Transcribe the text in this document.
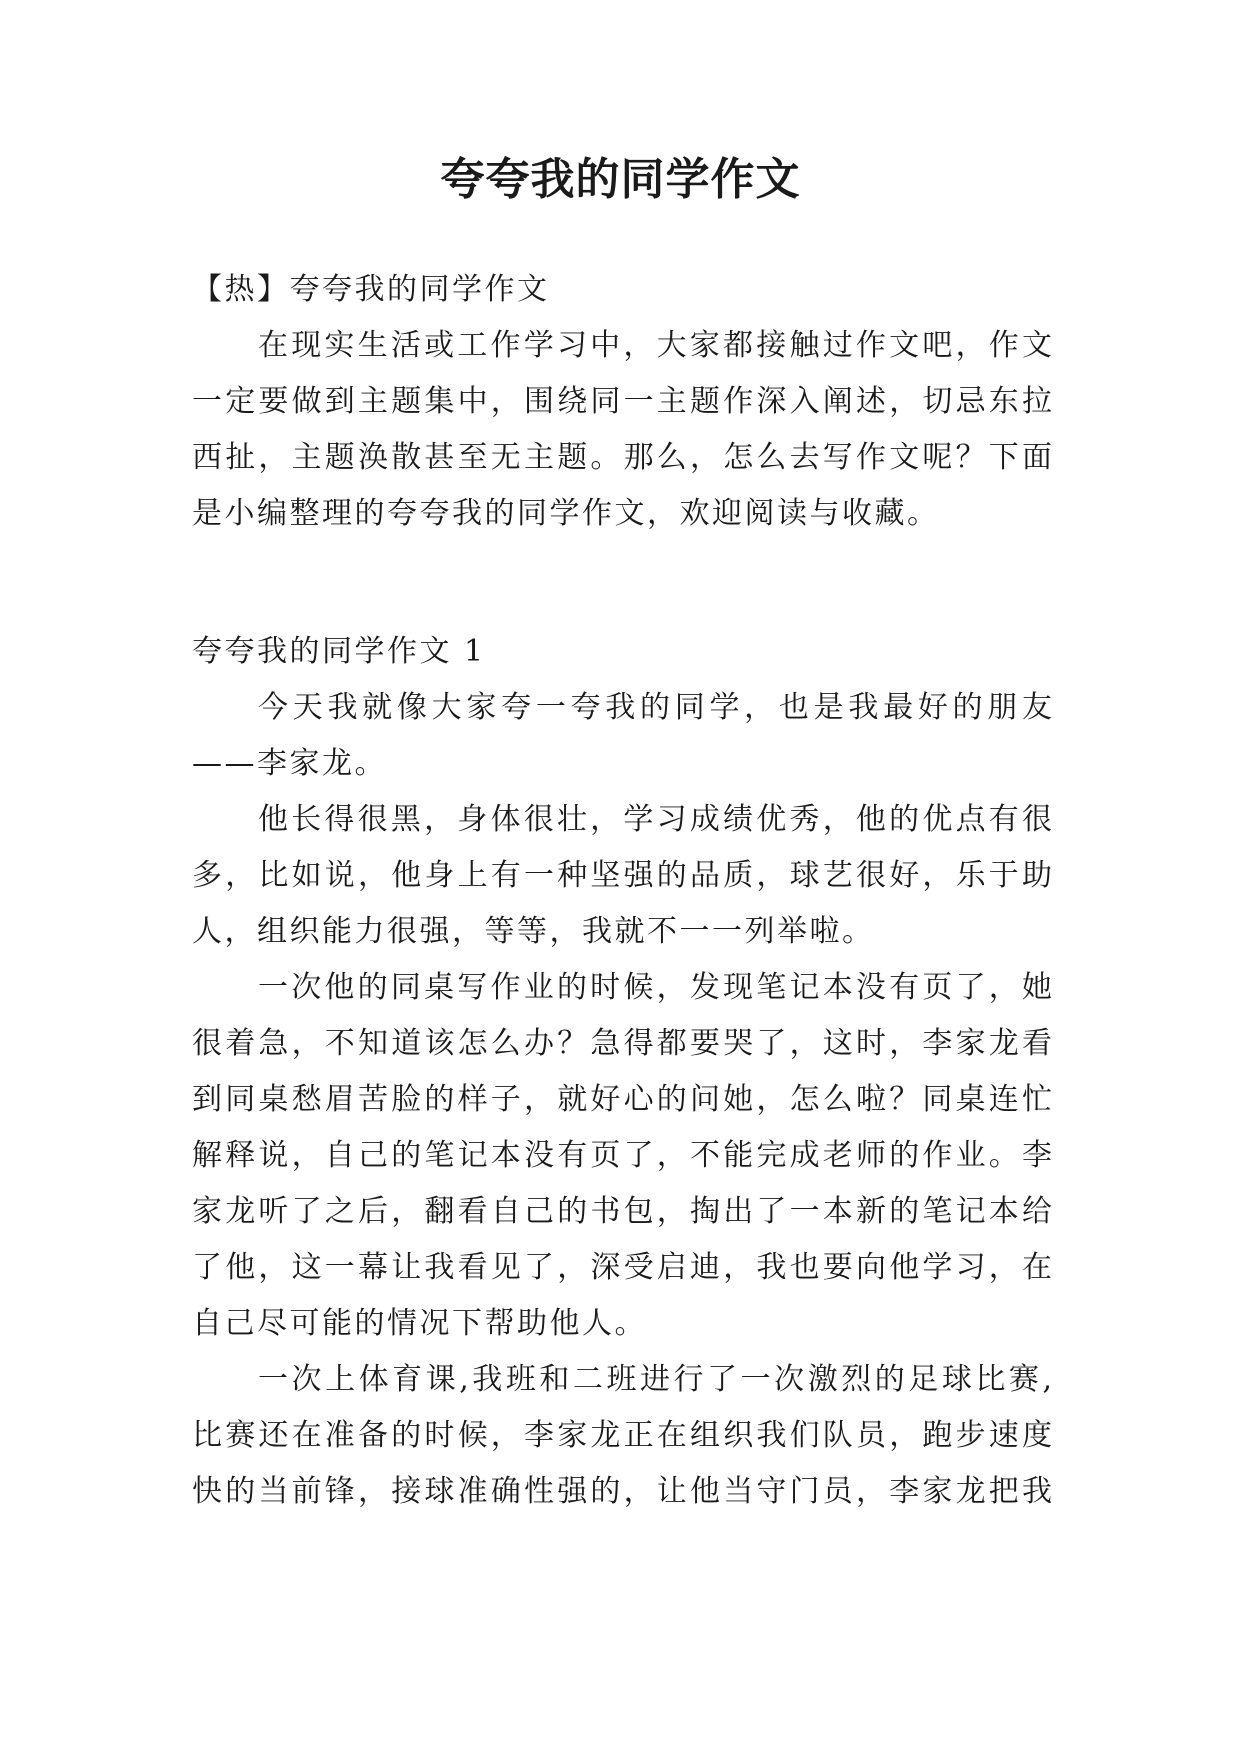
夸夸我的同学作文

【热】夸夸我的同学作文

在现实生活或工作学习中，大家都接触过作文吧，作文

一定要做到主题集中，围绕同一主题作深入阐述，切忌东拉

西扯，主题涣散甚至无主题。那么，怎么去写作文呢？下面

是小编整理的夸夸我的同学作文，欢迎阅读与收藏。

夸夸我的同学作文 1

今天我就像大家夸一夸我的同学，也是我最好的朋友

——李家龙。

他长得很黑，身体很壮，学习成绩优秀，他的优点有很

多，比如说，他身上有一种坚强的品质，球艺很好，乐于助

人，组织能力很强，等等，我就不一一列举啦。

一次他的同桌写作业的时候，发现笔记本没有页了，她

很着急，不知道该怎么办？急得都要哭了，这时，李家龙看

到同桌愁眉苦脸的样子，就好心的问她，怎么啦？同桌连忙

解释说，自己的笔记本没有页了，不能完成老师的作业。李

家龙听了之后，翻看自己的书包，掏出了一本新的笔记本给

了他，这一幕让我看见了，深受启迪，我也要向他学习，在

自己尽可能的情况下帮助他人。

一次上体育课,我班和二班进行了一次激烈的足球比赛,

比赛还在准备的时候，李家龙正在组织我们队员，跑步速度

快的当前锋，接球准确性强的，让他当守门员，李家龙把我
